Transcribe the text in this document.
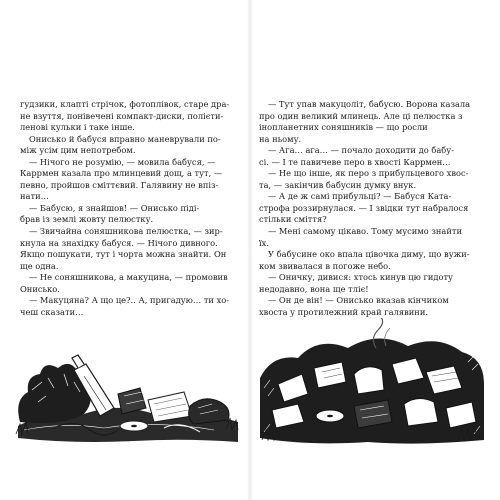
гудзики, клапті стрічок, фотоплівок, старе дра-
не взуття, понівечені компакт-диски, полієти-
ленові кульки і таке інше.

Онисько й бабуся вправно маневрували по-
між усім цим непотребом.

— Нічого не розумію, — мовила бабуся, —
Каррмен казала про млинцевий дощ, а тут, —
певно, пройшов сміттєвий. Галявину не впіз-
нати…

— Бабусю, я знайшов! — Онисько піді-
брав із землі жовту пелюстку.

— Звичайна соняшникова пелюстка, — зир-
кнула на знахідку бабуся. — Нічого дивного.
Якщо пошукати, тут і чорта можна знайти. Он
ще одна.

— Не соняшникова, а макуцина, — промовив
Онисько.

— Макуцяна? А що це?.. А, пригадую… ти хо-
чеш сказати…

— Тут упав макуцоліт, бабусю. Ворона казала
про один великий млинець. Але ці пелюстка з
інопланетних соняшників — що росли
на ньому.

— Ага… ага… — почало доходити до бабу-
сі. — І те павичеве перо в хвості Каррмен…

— Не що інше, як перо з прибульцевого хвос-
та, — закінчив бабусин думку внук.

— А де ж самі прибульці? — Бабуся Ката-
строфа роззирнулася. — І звідки тут набралося
стільки сміття?

— Мені самому цікаво. Тому мусимо знайти
їх.

У бабусине око впала цівочка диму, що вужи-
ком звивалася в погоже небо.

— Оничку, дивися: хтось кинув цю гидоту
недодавно, вона ще тліє!

— Он де він! — Онисько вказав кінчиком
хвоста у протилежний край галявини.
